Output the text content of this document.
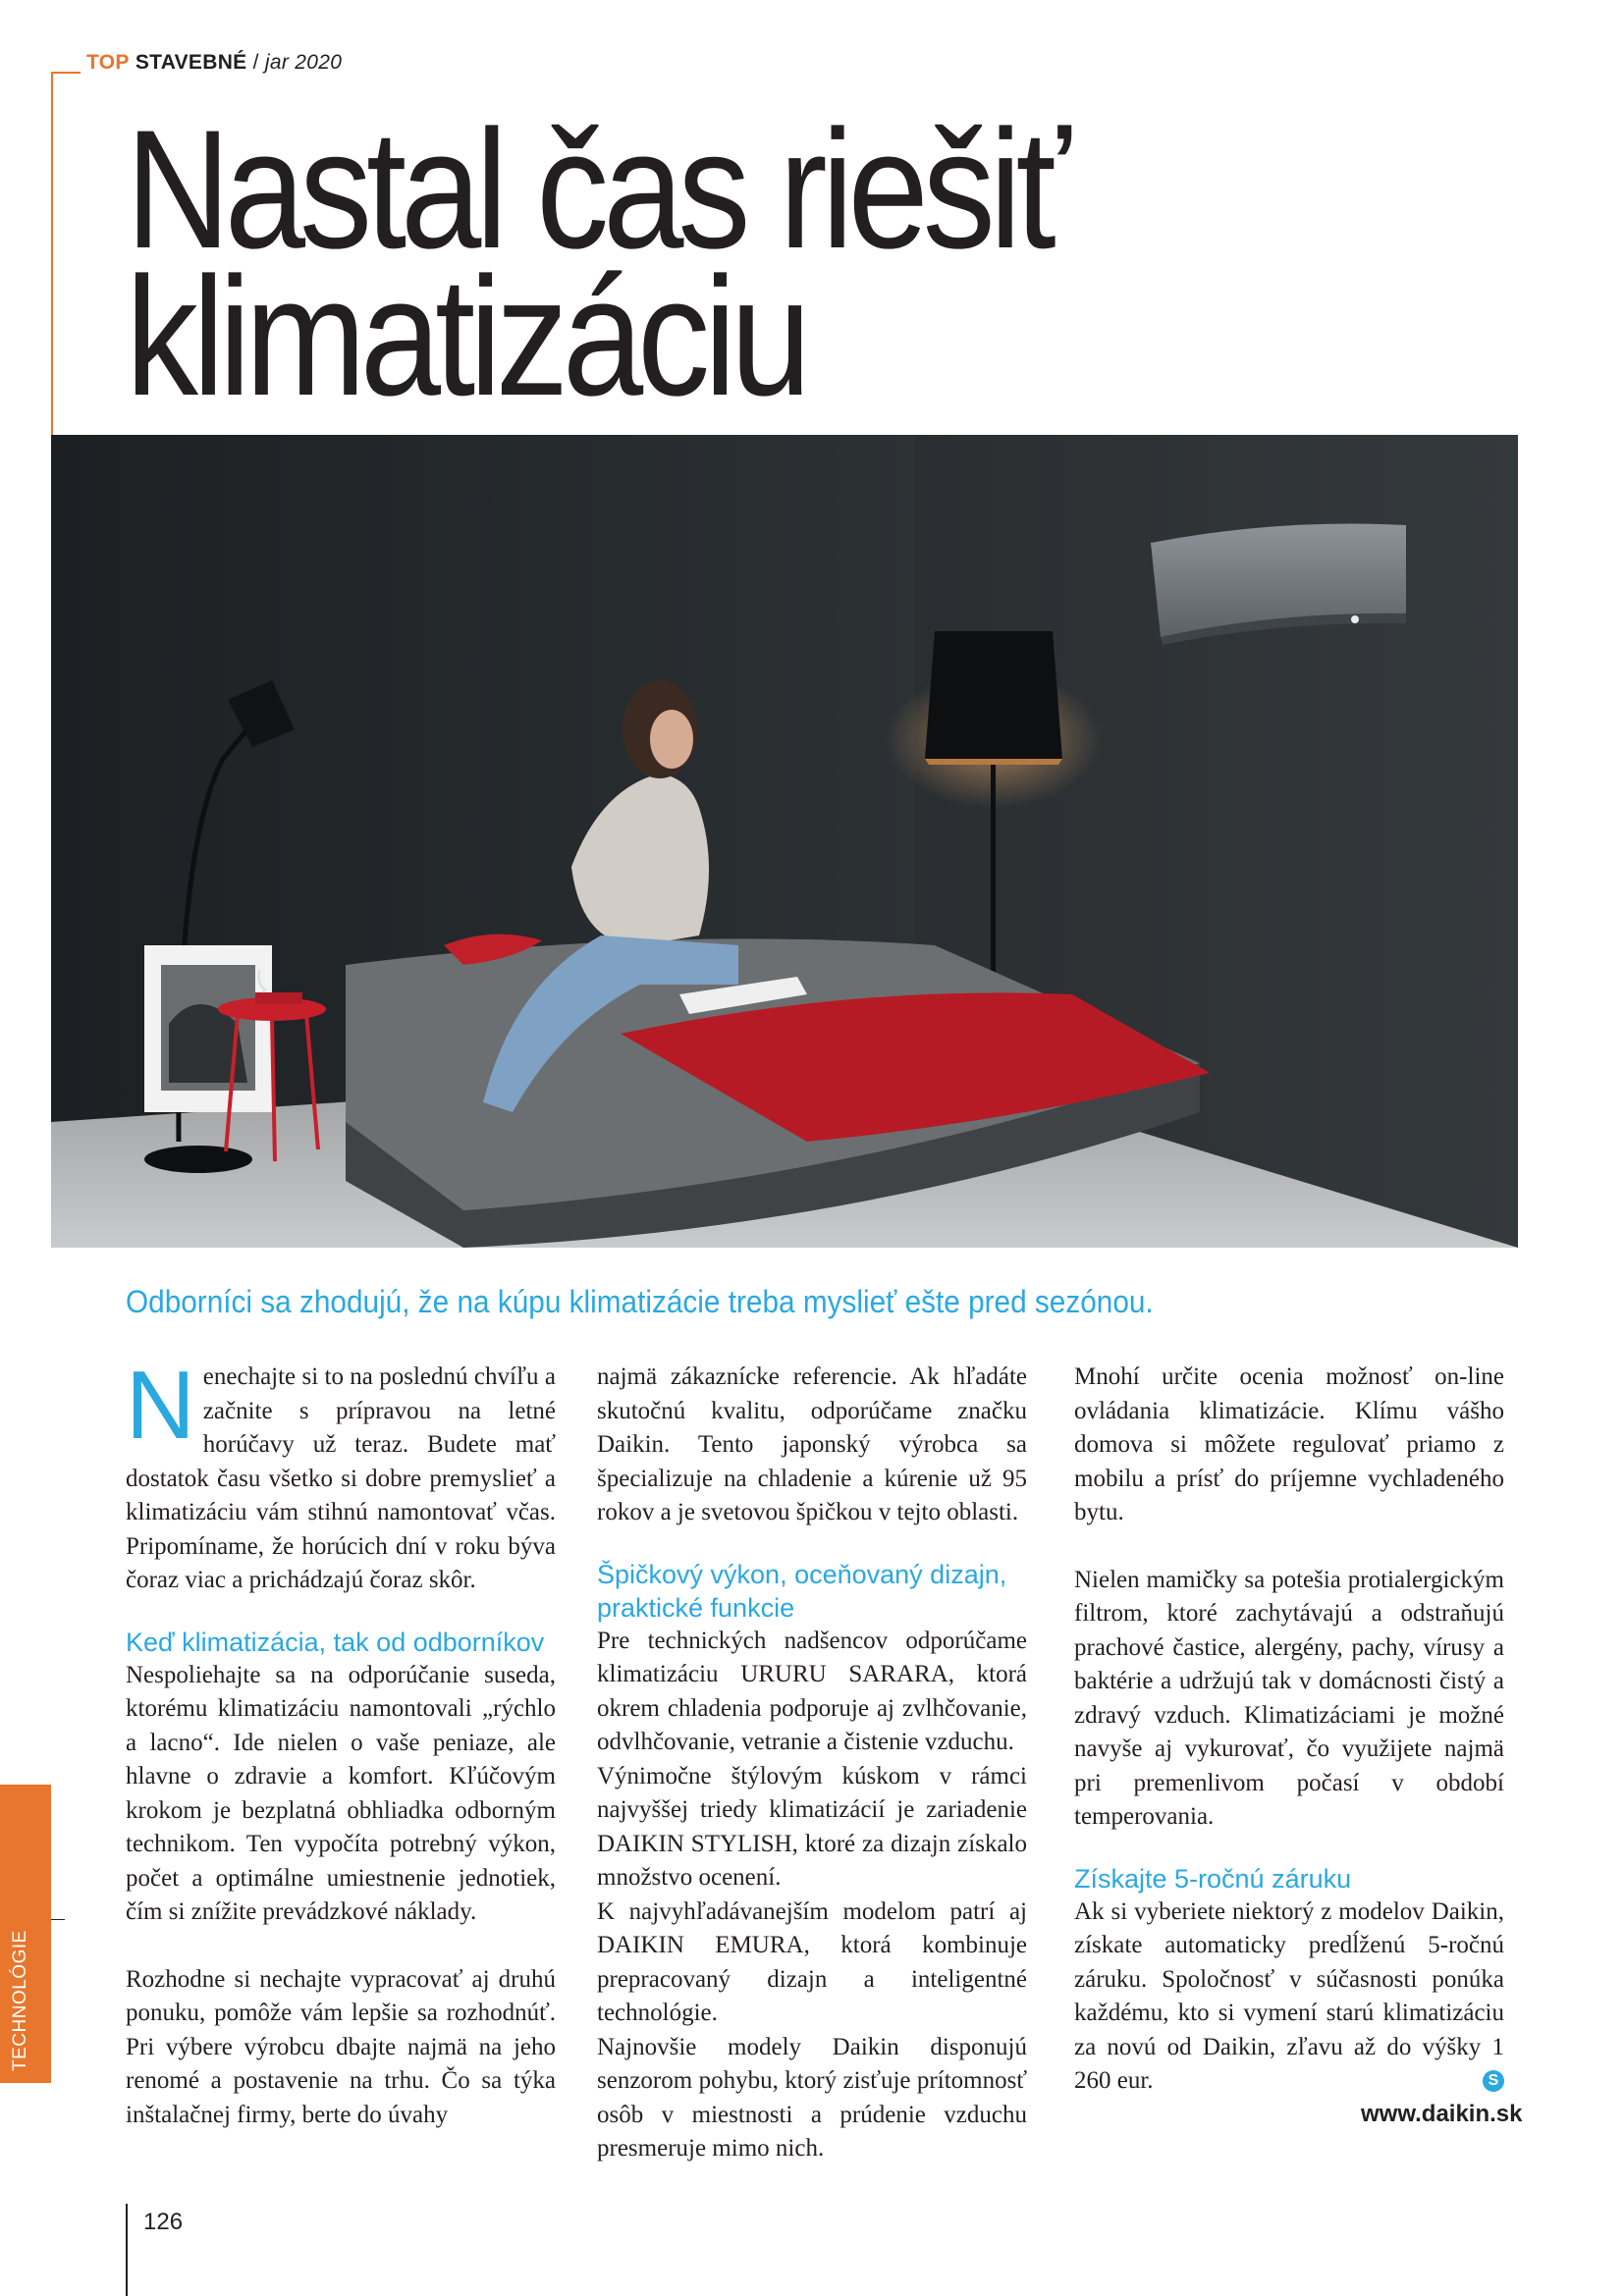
TOP STAVEBNÉ / jar 2020
Nastal čas riešiť
klimatizáciu

Odborníci sa zhodujú, že na kúpu klimatizácie treba myslieť ešte pred sezónou.

Nenechajte si to na poslednú chvíľu a začnite s prípravou na letné horúčavy už teraz. Budete mať dostatok času všetko si dobre premyslieť a klimatizáciu vám stihnú namontovať včas. Pripomíname, že horúcich dní v roku býva čoraz viac a prichádzajú čoraz skôr.

Keď klimatizácia, tak od odborníkov

Nespoliehajte sa na odporúčanie suseda, ktorému klimatizáciu namontovali „rýchlo a lacno“. Ide nielen o vaše peniaze, ale hlavne o zdravie a komfort. Kľúčovým krokom je bezplatná obhliadka odborným technikom. Ten vypočíta potrebný výkon, počet a optimálne umiestnenie jednotiek, čím si znížite prevádzkové náklady.

Rozhodne si nechajte vypracovať aj druhú ponuku, pomôže vám lepšie sa rozhodnúť. Pri výbere výrobcu dbajte najmä na jeho renomé a postavenie na trhu. Čo sa týka inštalačnej firmy, berte do úvahy

najmä zákaznícke referencie. Ak hľadáte skutočnú kvalitu, odporúčame značku Daikin. Tento japonský výrobca sa špecializuje na chladenie a kúrenie už 95 rokov a je svetovou špičkou v tejto oblasti.

Špičkový výkon, oceňovaný dizajn, praktické funkcie

Pre technických nadšencov odporúčame klimatizáciu URURU SARARA, ktorá okrem chladenia podporuje aj zvlhčovanie, odvlhčovanie, vetranie a čistenie vzduchu.

Výnimočne štýlovým kúskom v rámci najvyššej triedy klimatizácií je zariadenie DAIKIN STYLISH, ktoré za dizajn získalo množstvo ocenení.

K najvyhľadávanejším modelom patrí aj DAIKIN EMURA, ktorá kombinuje prepracovaný dizajn a inteligentné technológie.

Najnovšie modely Daikin disponujú senzorom pohybu, ktorý zisťuje prítomnosť osôb v miestnosti a prúdenie vzduchu presmeruje mimo nich.

Mnohí určite ocenia možnosť on-line ovládania klimatizácie. Klímu vášho domova si môžete regulovať priamo z mobilu a prísť do príjemne vychladeného bytu.

Nielen mamičky sa potešia protialergickým filtrom, ktoré zachytávajú a odstraňujú prachové častice, alergény, pachy, vírusy a baktérie a udržujú tak v domácnosti čistý a zdravý vzduch. Klimatizáciami je možné navyše aj vykurovať, čo využijete najmä pri premenlivom počasí v období temperovania.

Získajte 5-ročnú záruku

Ak si vyberiete niektorý z modelov Daikin, získate automaticky predĺženú 5-ročnú záruku. Spoločnosť v súčasnosti ponúka každému, kto si vymení starú klimatizáciu za novú od Daikin, zľavu až do výšky 1 260 eur.	S

www.daikin.sk
TECHNOLÓGIE
126
